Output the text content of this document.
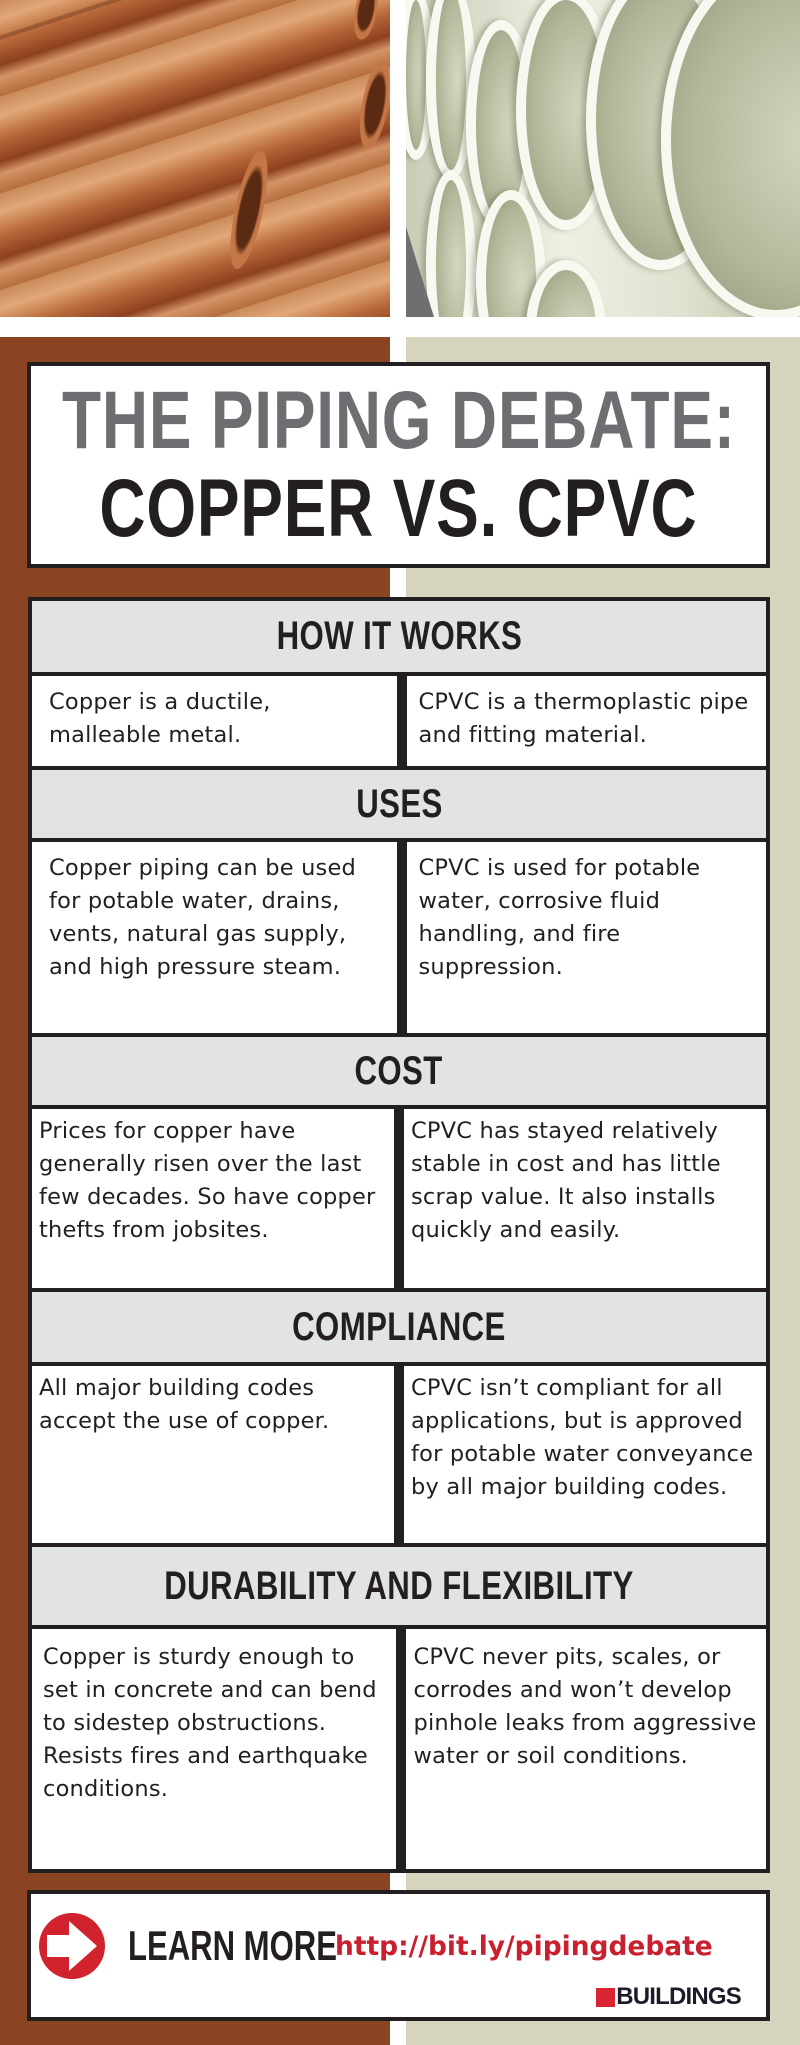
THE PIPING DEBATE:
COPPER VS. CPVC
HOW IT WORKS
Copper is a ductile, malleable metal.
CPVC is a thermoplastic pipe and fitting material.
USES
Copper piping can be used for potable water, drains, vents, natural gas supply, and high pressure steam.
CPVC is used for potable water, corrosive fluid handling, and fire suppression.
COST
Prices for copper have generally risen over the last few decades. So have copper thefts from jobsites.
CPVC has stayed relatively stable in cost and has little scrap value. It also installs quickly and easily.
COMPLIANCE
All major building codes accept the use of copper.
CPVC isn’t compliant for all applications, but is approved for potable water conveyance by all major building codes.
DURABILITY AND FLEXIBILITY
Copper is sturdy enough to set in concrete and can bend to sidestep obstructions. Resists fires and earthquake conditions.
CPVC never pits, scales, or corrodes and won’t develop pinhole leaks from aggressive water or soil conditions.
LEARN MORE
http://bit.ly/pipingdebate
BUILDINGS
